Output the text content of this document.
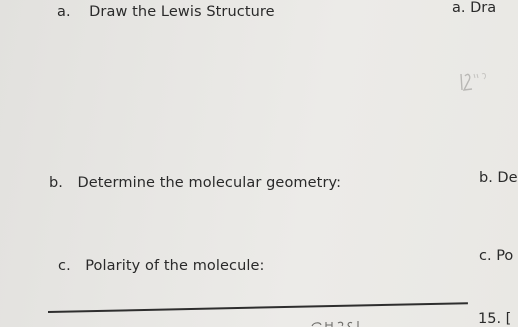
a. Draw the Lewis Structure
b. Determine the molecular geometry:
c. Polarity of the molecule:
a. Dra
b. De
c. Po
15. [
